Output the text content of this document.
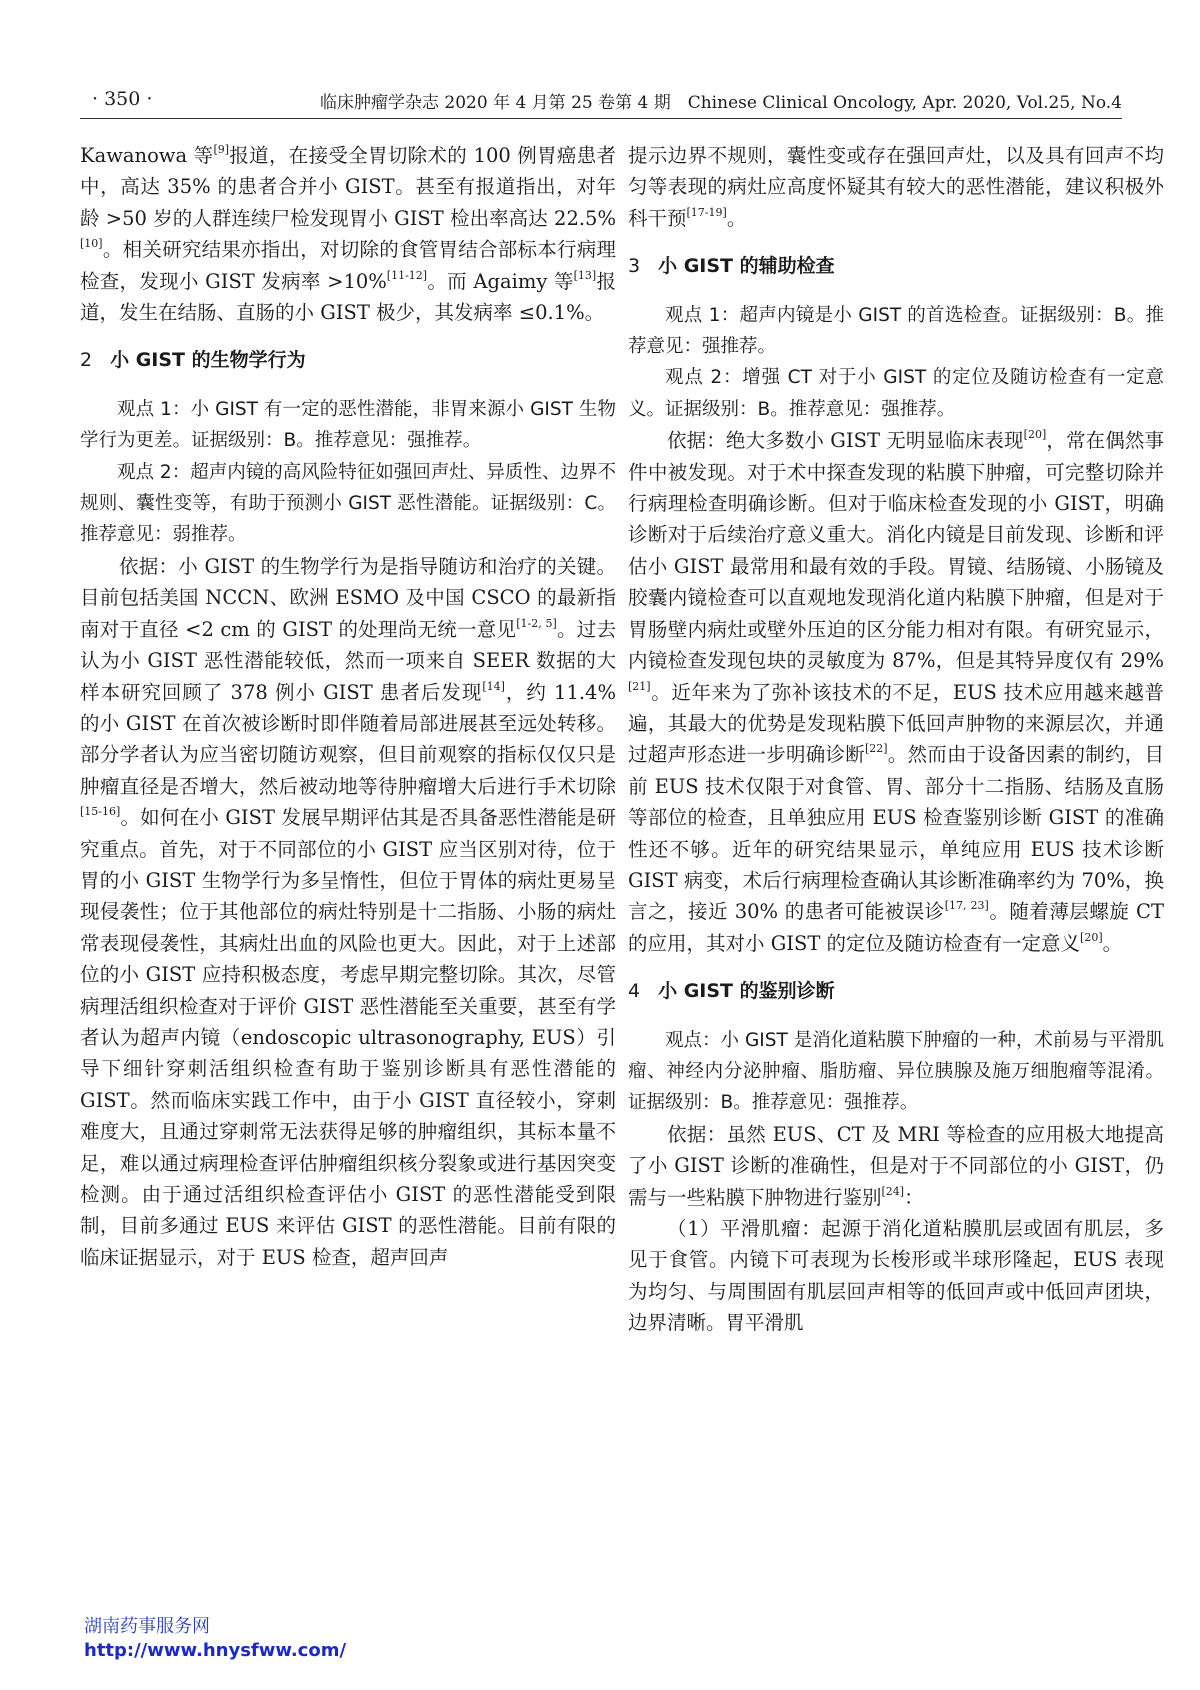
· 350 ·	临床肿瘤学杂志 2020 年 4 月第 25 卷第 4 期　Chinese Clinical Oncology, Apr. 2020, Vol.25, No.4

Kawanowa 等[9]报道，在接受全胃切除术的 100 例胃癌患者中，高达 35% 的患者合并小 GIST。甚至有报道指出，对年龄 >50 岁的人群连续尸检发现胃小 GIST 检出率高达 22.5%[10]。相关研究结果亦指出，对切除的食管胃结合部标本行病理检查，发现小 GIST 发病率 >10%[11-12]。而 Agaimy 等[13]报道，发生在结肠、直肠的小 GIST 极少，其发病率 ≤0.1%。

2 小 GIST 的生物学行为

观点 1：小 GIST 有一定的恶性潜能，非胃来源小 GIST 生物学行为更差。证据级别：B。推荐意见：强推荐。

观点 2：超声内镜的高风险特征如强回声灶、异质性、边界不规则、囊性变等，有助于预测小 GIST 恶性潜能。证据级别：C。推荐意见：弱推荐。

依据：小 GIST 的生物学行为是指导随访和治疗的关键。目前包括美国 NCCN、欧洲 ESMO 及中国 CSCO 的最新指南对于直径 <2 cm 的 GIST 的处理尚无统一意见[1-2, 5]。过去认为小 GIST 恶性潜能较低，然而一项来自 SEER 数据的大样本研究回顾了 378 例小 GIST 患者后发现[14]，约 11.4% 的小 GIST 在首次被诊断时即伴随着局部进展甚至远处转移。部分学者认为应当密切随访观察，但目前观察的指标仅仅只是肿瘤直径是否增大，然后被动地等待肿瘤增大后进行手术切除[15-16]。如何在小 GIST 发展早期评估其是否具备恶性潜能是研究重点。首先，对于不同部位的小 GIST 应当区别对待，位于胃的小 GIST 生物学行为多呈惰性，但位于胃体的病灶更易呈现侵袭性；位于其他部位的病灶特别是十二指肠、小肠的病灶常表现侵袭性，其病灶出血的风险也更大。因此，对于上述部位的小 GIST 应持积极态度，考虑早期完整切除。其次，尽管病理活组织检查对于评价 GIST 恶性潜能至关重要，甚至有学者认为超声内镜（endoscopic ultrasonography, EUS）引导下细针穿刺活组织检查有助于鉴别诊断具有恶性潜能的 GIST。然而临床实践工作中，由于小 GIST 直径较小，穿刺难度大，且通过穿刺常无法获得足够的肿瘤组织，其标本量不足，难以通过病理检查评估肿瘤组织核分裂象或进行基因突变检测。由于通过活组织检查评估小 GIST 的恶性潜能受到限制，目前多通过 EUS 来评估 GIST 的恶性潜能。目前有限的临床证据显示，对于 EUS 检查，超声回声

提示边界不规则，囊性变或存在强回声灶，以及具有回声不均匀等表现的病灶应高度怀疑其有较大的恶性潜能，建议积极外科干预[17-19]。

3 小 GIST 的辅助检查

观点 1：超声内镜是小 GIST 的首选检查。证据级别：B。推荐意见：强推荐。

观点 2：增强 CT 对于小 GIST 的定位及随访检查有一定意义。证据级别：B。推荐意见：强推荐。

依据：绝大多数小 GIST 无明显临床表现[20]，常在偶然事件中被发现。对于术中探查发现的粘膜下肿瘤，可完整切除并行病理检查明确诊断。但对于临床检查发现的小 GIST，明确诊断对于后续治疗意义重大。消化内镜是目前发现、诊断和评估小 GIST 最常用和最有效的手段。胃镜、结肠镜、小肠镜及胶囊内镜检查可以直观地发现消化道内粘膜下肿瘤，但是对于胃肠壁内病灶或壁外压迫的区分能力相对有限。有研究显示，内镜检查发现包块的灵敏度为 87%，但是其特异度仅有 29%[21]。近年来为了弥补该技术的不足，EUS 技术应用越来越普遍，其最大的优势是发现粘膜下低回声肿物的来源层次，并通过超声形态进一步明确诊断[22]。然而由于设备因素的制约，目前 EUS 技术仅限于对食管、胃、部分十二指肠、结肠及直肠等部位的检查，且单独应用 EUS 检查鉴别诊断 GIST 的准确性还不够。近年的研究结果显示，单纯应用 EUS 技术诊断 GIST 病变，术后行病理检查确认其诊断准确率约为 70%，换言之，接近 30% 的患者可能被误诊[17, 23]。随着薄层螺旋 CT 的应用，其对小 GIST 的定位及随访检查有一定意义[20]。

4 小 GIST 的鉴别诊断

观点：小 GIST 是消化道粘膜下肿瘤的一种，术前易与平滑肌瘤、神经内分泌肿瘤、脂肪瘤、异位胰腺及施万细胞瘤等混淆。证据级别：B。推荐意见：强推荐。

依据：虽然 EUS、CT 及 MRI 等检查的应用极大地提高了小 GIST 诊断的准确性，但是对于不同部位的小 GIST，仍需与一些粘膜下肿物进行鉴别[24]：

（1）平滑肌瘤：起源于消化道粘膜肌层或固有肌层，多见于食管。内镜下可表现为长梭形或半球形隆起，EUS 表现为均匀、与周围固有肌层回声相等的低回声或中低回声团块，边界清晰。胃平滑肌

湖南药事服务网
http://www.hnysfww.com/
